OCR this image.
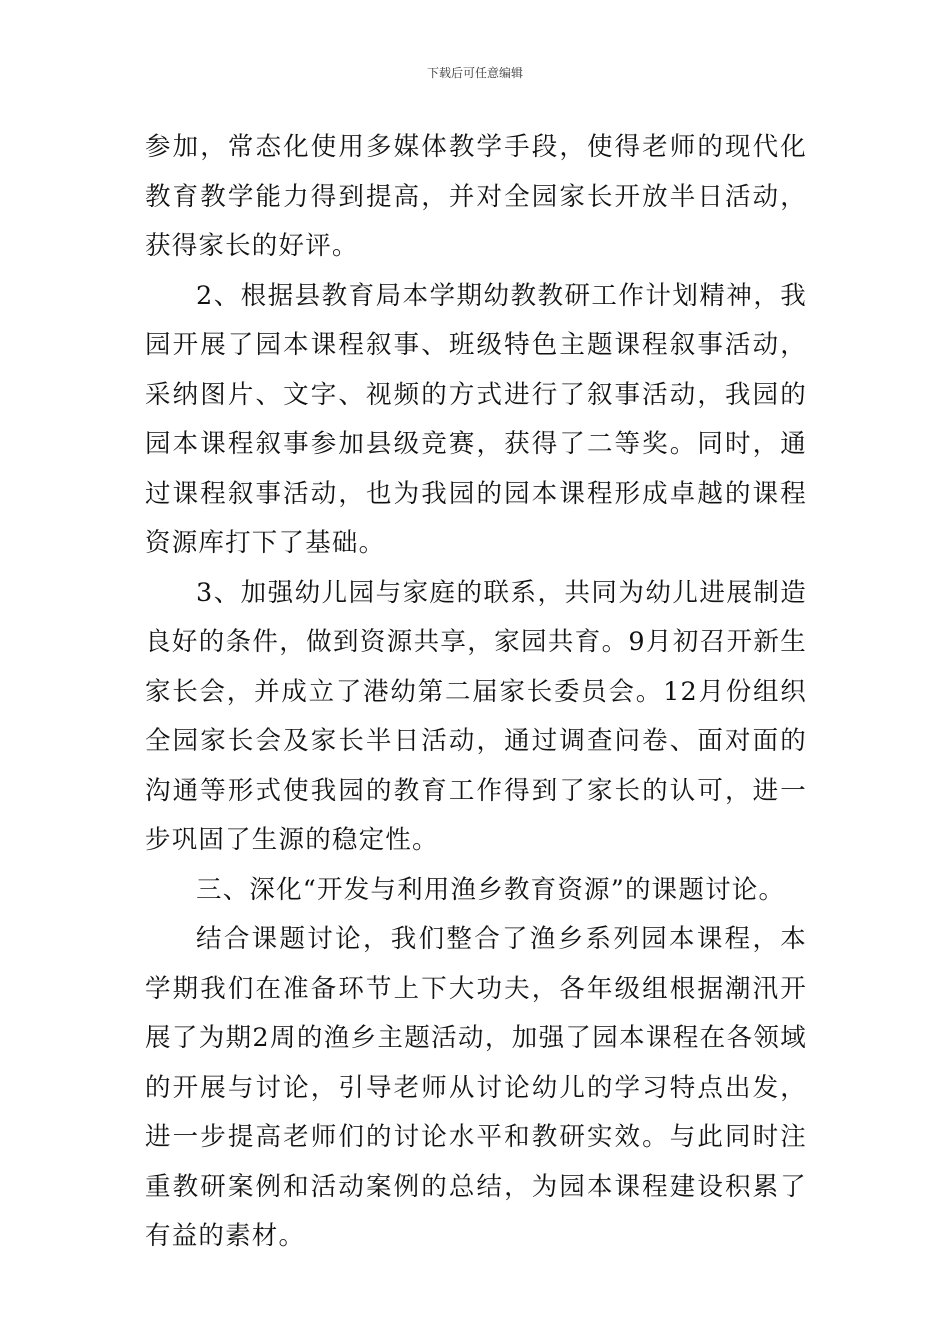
下载后可任意编辑

参加，常态化使用多媒体教学手段，使得老师的现代化教育教学能力得到提高，并对全园家长开放半日活动，获得家长的好评。

2、根据县教育局本学期幼教教研工作计划精神，我园开展了园本课程叙事、班级特色主题课程叙事活动，采纳图片、文字、视频的方式进行了叙事活动，我园的园本课程叙事参加县级竞赛，获得了二等奖。同时，通过课程叙事活动，也为我园的园本课程形成卓越的课程资源库打下了基础。

3、加强幼儿园与家庭的联系，共同为幼儿进展制造良好的条件，做到资源共享，家园共育。9月初召开新生家长会，并成立了港幼第二届家长委员会。12月份组织全园家长会及家长半日活动，通过调查问卷、面对面的沟通等形式使我园的教育工作得到了家长的认可，进一步巩固了生源的稳定性。

三、深化“开发与利用渔乡教育资源”的课题讨论。

结合课题讨论，我们整合了渔乡系列园本课程，本学期我们在准备环节上下大功夫，各年级组根据潮汛开展了为期2周的渔乡主题活动，加强了园本课程在各领域的开展与讨论，引导老师从讨论幼儿的学习特点出发，进一步提高老师们的讨论水平和教研实效。与此同时注重教研案例和活动案例的总结，为园本课程建设积累了有益的素材。
